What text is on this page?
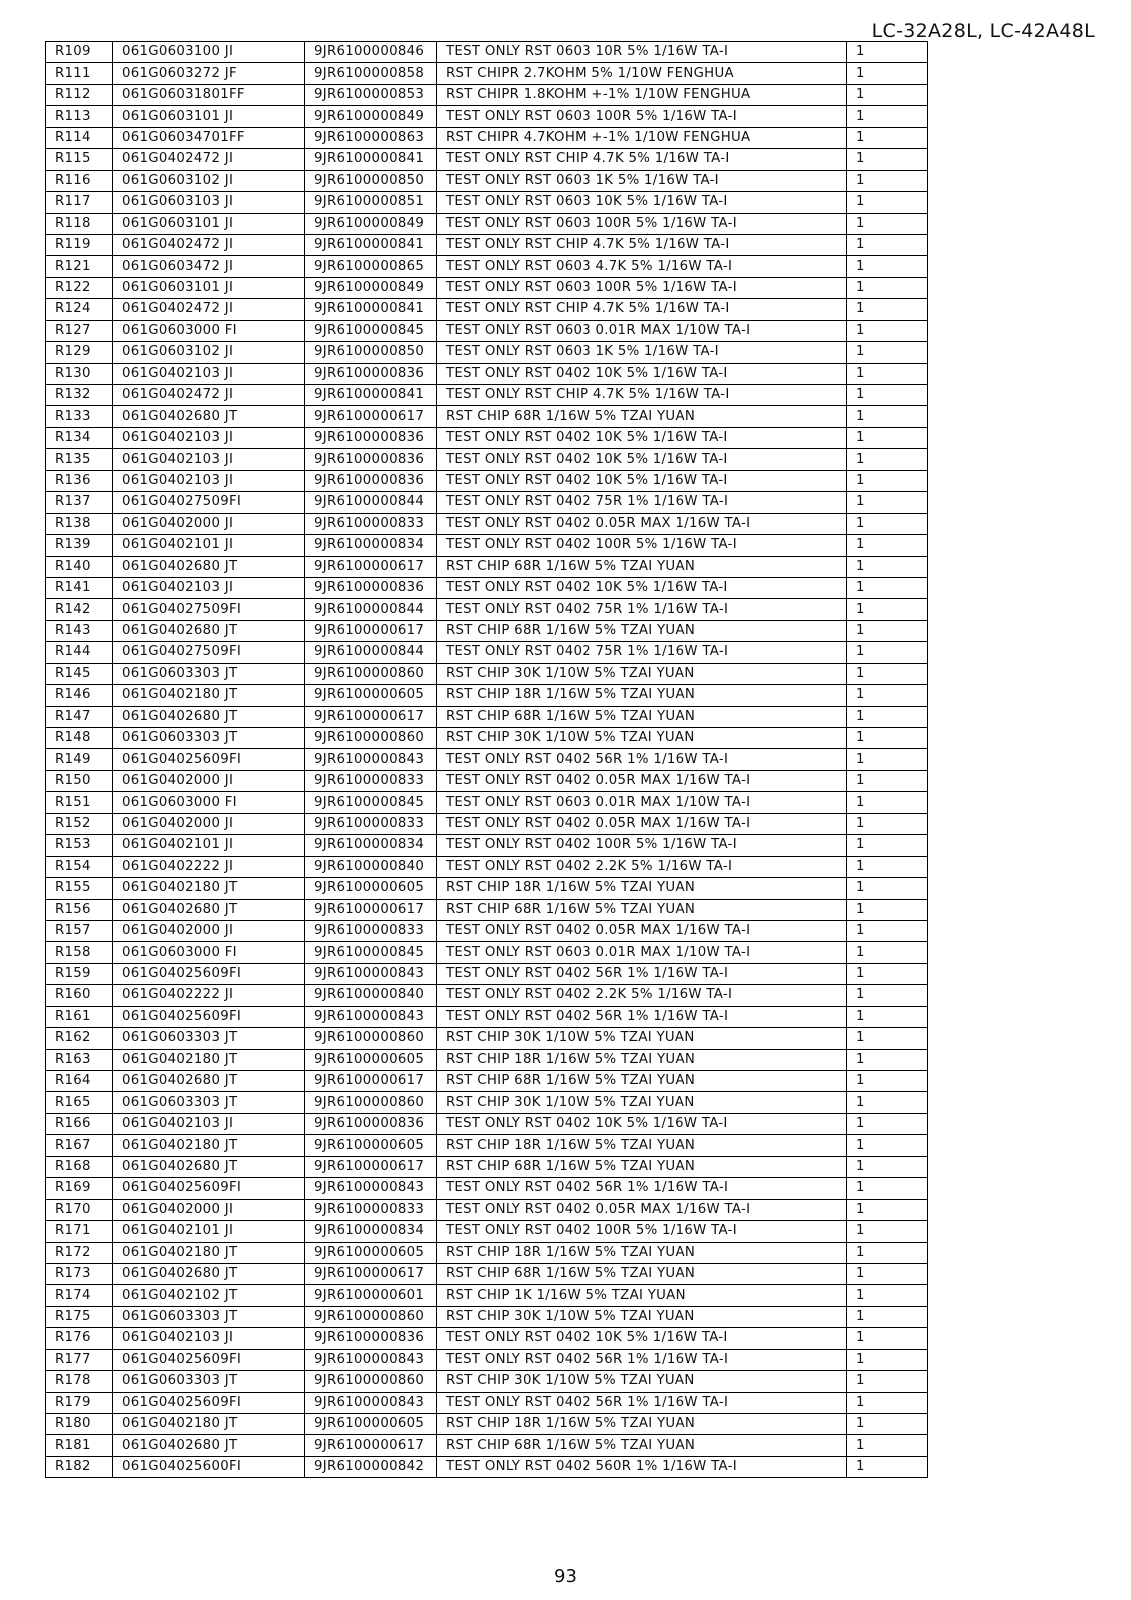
LC-32A28L, LC-42A48L
R109	061G0603100 JI	9JR6100000846	TEST ONLY RST 0603 10R 5% 1/16W TA-I	1
R111	061G0603272 JF	9JR6100000858	RST CHIPR 2.7KOHM 5% 1/10W FENGHUA	1
R112	061G06031801FF	9JR6100000853	RST CHIPR 1.8KOHM +-1% 1/10W FENGHUA	1
R113	061G0603101 JI	9JR6100000849	TEST ONLY RST 0603 100R 5% 1/16W TA-I	1
R114	061G06034701FF	9JR6100000863	RST CHIPR 4.7KOHM +-1% 1/10W FENGHUA	1
R115	061G0402472 JI	9JR6100000841	TEST ONLY RST CHIP 4.7K 5% 1/16W TA-I	1
R116	061G0603102 JI	9JR6100000850	TEST ONLY RST 0603 1K 5% 1/16W TA-I	1
R117	061G0603103 JI	9JR6100000851	TEST ONLY RST 0603 10K 5% 1/16W TA-I	1
R118	061G0603101 JI	9JR6100000849	TEST ONLY RST 0603 100R 5% 1/16W TA-I	1
R119	061G0402472 JI	9JR6100000841	TEST ONLY RST CHIP 4.7K 5% 1/16W TA-I	1
R121	061G0603472 JI	9JR6100000865	TEST ONLY RST 0603 4.7K 5% 1/16W TA-I	1
R122	061G0603101 JI	9JR6100000849	TEST ONLY RST 0603 100R 5% 1/16W TA-I	1
R124	061G0402472 JI	9JR6100000841	TEST ONLY RST CHIP 4.7K 5% 1/16W TA-I	1
R127	061G0603000 FI	9JR6100000845	TEST ONLY RST 0603 0.01R MAX 1/10W TA-I	1
R129	061G0603102 JI	9JR6100000850	TEST ONLY RST 0603 1K 5% 1/16W TA-I	1
R130	061G0402103 JI	9JR6100000836	TEST ONLY RST 0402 10K 5% 1/16W TA-I	1
R132	061G0402472 JI	9JR6100000841	TEST ONLY RST CHIP 4.7K 5% 1/16W TA-I	1
R133	061G0402680 JT	9JR6100000617	RST CHIP 68R 1/16W 5% TZAI YUAN	1
R134	061G0402103 JI	9JR6100000836	TEST ONLY RST 0402 10K 5% 1/16W TA-I	1
R135	061G0402103 JI	9JR6100000836	TEST ONLY RST 0402 10K 5% 1/16W TA-I	1
R136	061G0402103 JI	9JR6100000836	TEST ONLY RST 0402 10K 5% 1/16W TA-I	1
R137	061G04027509FI	9JR6100000844	TEST ONLY RST 0402 75R 1% 1/16W TA-I	1
R138	061G0402000 JI	9JR6100000833	TEST ONLY RST 0402 0.05R MAX 1/16W TA-I	1
R139	061G0402101 JI	9JR6100000834	TEST ONLY RST 0402 100R 5% 1/16W TA-I	1
R140	061G0402680 JT	9JR6100000617	RST CHIP 68R 1/16W 5% TZAI YUAN	1
R141	061G0402103 JI	9JR6100000836	TEST ONLY RST 0402 10K 5% 1/16W TA-I	1
R142	061G04027509FI	9JR6100000844	TEST ONLY RST 0402 75R 1% 1/16W TA-I	1
R143	061G0402680 JT	9JR6100000617	RST CHIP 68R 1/16W 5% TZAI YUAN	1
R144	061G04027509FI	9JR6100000844	TEST ONLY RST 0402 75R 1% 1/16W TA-I	1
R145	061G0603303 JT	9JR6100000860	RST CHIP 30K 1/10W 5% TZAI YUAN	1
R146	061G0402180 JT	9JR6100000605	RST CHIP 18R 1/16W 5% TZAI YUAN	1
R147	061G0402680 JT	9JR6100000617	RST CHIP 68R 1/16W 5% TZAI YUAN	1
R148	061G0603303 JT	9JR6100000860	RST CHIP 30K 1/10W 5% TZAI YUAN	1
R149	061G04025609FI	9JR6100000843	TEST ONLY RST 0402 56R 1% 1/16W TA-I	1
R150	061G0402000 JI	9JR6100000833	TEST ONLY RST 0402 0.05R MAX 1/16W TA-I	1
R151	061G0603000 FI	9JR6100000845	TEST ONLY RST 0603 0.01R MAX 1/10W TA-I	1
R152	061G0402000 JI	9JR6100000833	TEST ONLY RST 0402 0.05R MAX 1/16W TA-I	1
R153	061G0402101 JI	9JR6100000834	TEST ONLY RST 0402 100R 5% 1/16W TA-I	1
R154	061G0402222 JI	9JR6100000840	TEST ONLY RST 0402 2.2K 5% 1/16W TA-I	1
R155	061G0402180 JT	9JR6100000605	RST CHIP 18R 1/16W 5% TZAI YUAN	1
R156	061G0402680 JT	9JR6100000617	RST CHIP 68R 1/16W 5% TZAI YUAN	1
R157	061G0402000 JI	9JR6100000833	TEST ONLY RST 0402 0.05R MAX 1/16W TA-I	1
R158	061G0603000 FI	9JR6100000845	TEST ONLY RST 0603 0.01R MAX 1/10W TA-I	1
R159	061G04025609FI	9JR6100000843	TEST ONLY RST 0402 56R 1% 1/16W TA-I	1
R160	061G0402222 JI	9JR6100000840	TEST ONLY RST 0402 2.2K 5% 1/16W TA-I	1
R161	061G04025609FI	9JR6100000843	TEST ONLY RST 0402 56R 1% 1/16W TA-I	1
R162	061G0603303 JT	9JR6100000860	RST CHIP 30K 1/10W 5% TZAI YUAN	1
R163	061G0402180 JT	9JR6100000605	RST CHIP 18R 1/16W 5% TZAI YUAN	1
R164	061G0402680 JT	9JR6100000617	RST CHIP 68R 1/16W 5% TZAI YUAN	1
R165	061G0603303 JT	9JR6100000860	RST CHIP 30K 1/10W 5% TZAI YUAN	1
R166	061G0402103 JI	9JR6100000836	TEST ONLY RST 0402 10K 5% 1/16W TA-I	1
R167	061G0402180 JT	9JR6100000605	RST CHIP 18R 1/16W 5% TZAI YUAN	1
R168	061G0402680 JT	9JR6100000617	RST CHIP 68R 1/16W 5% TZAI YUAN	1
R169	061G04025609FI	9JR6100000843	TEST ONLY RST 0402 56R 1% 1/16W TA-I	1
R170	061G0402000 JI	9JR6100000833	TEST ONLY RST 0402 0.05R MAX 1/16W TA-I	1
R171	061G0402101 JI	9JR6100000834	TEST ONLY RST 0402 100R 5% 1/16W TA-I	1
R172	061G0402180 JT	9JR6100000605	RST CHIP 18R 1/16W 5% TZAI YUAN	1
R173	061G0402680 JT	9JR6100000617	RST CHIP 68R 1/16W 5% TZAI YUAN	1
R174	061G0402102 JT	9JR6100000601	RST CHIP 1K 1/16W 5% TZAI YUAN	1
R175	061G0603303 JT	9JR6100000860	RST CHIP 30K 1/10W 5% TZAI YUAN	1
R176	061G0402103 JI	9JR6100000836	TEST ONLY RST 0402 10K 5% 1/16W TA-I	1
R177	061G04025609FI	9JR6100000843	TEST ONLY RST 0402 56R 1% 1/16W TA-I	1
R178	061G0603303 JT	9JR6100000860	RST CHIP 30K 1/10W 5% TZAI YUAN	1
R179	061G04025609FI	9JR6100000843	TEST ONLY RST 0402 56R 1% 1/16W TA-I	1
R180	061G0402180 JT	9JR6100000605	RST CHIP 18R 1/16W 5% TZAI YUAN	1
R181	061G0402680 JT	9JR6100000617	RST CHIP 68R 1/16W 5% TZAI YUAN	1
R182	061G04025600FI	9JR6100000842	TEST ONLY RST 0402 560R 1% 1/16W TA-I	1
93
